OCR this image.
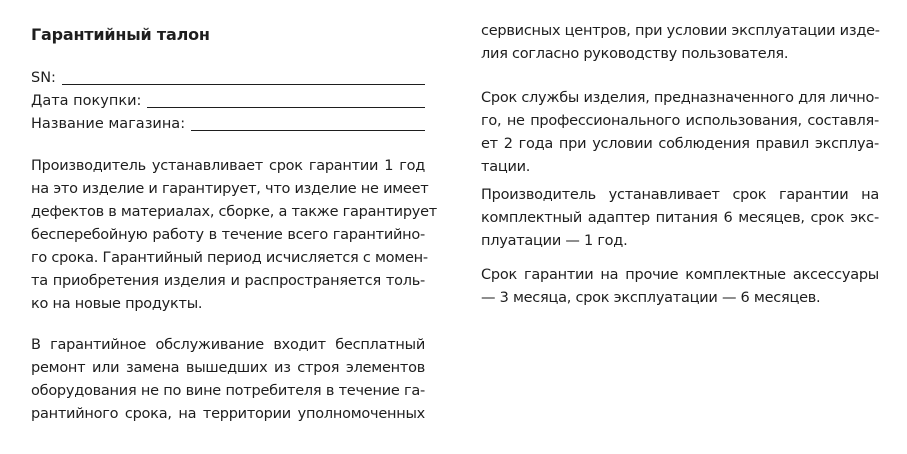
Гарантийный талон
SN:
Дата покупки:
Название магазина:
Производитель устанавливает срок гарантии 1 год
на это изделие и гарантирует, что изделие не имеет
дефектов в материалах, сборке, а также гарантирует
бесперебойную работу в течение всего гарантийно-
го срока. Гарантийный период исчисляется с момен-
та приобретения изделия и распространяется толь-
ко на новые продукты.
В гарантийное обслуживание входит бесплатный
ремонт или замена вышедших из строя элементов
оборудования не по вине потребителя в течение га-
рантийного срока, на территории уполномоченных
сервисных центров, при условии эксплуатации изде-
лия согласно руководству пользователя.
Срок службы изделия, предназначенного для лично-
го, не профессионального использования, составля-
ет 2 года при условии соблюдения правил эксплуа-
тации.
Производитель устанавливает срок гарантии на
комплектный адаптер питания 6 месяцев, срок экс-
плуатации — 1 год.
Срок гарантии на прочие комплектные аксессуары
— 3 месяца, срок эксплуатации — 6 месяцев.
